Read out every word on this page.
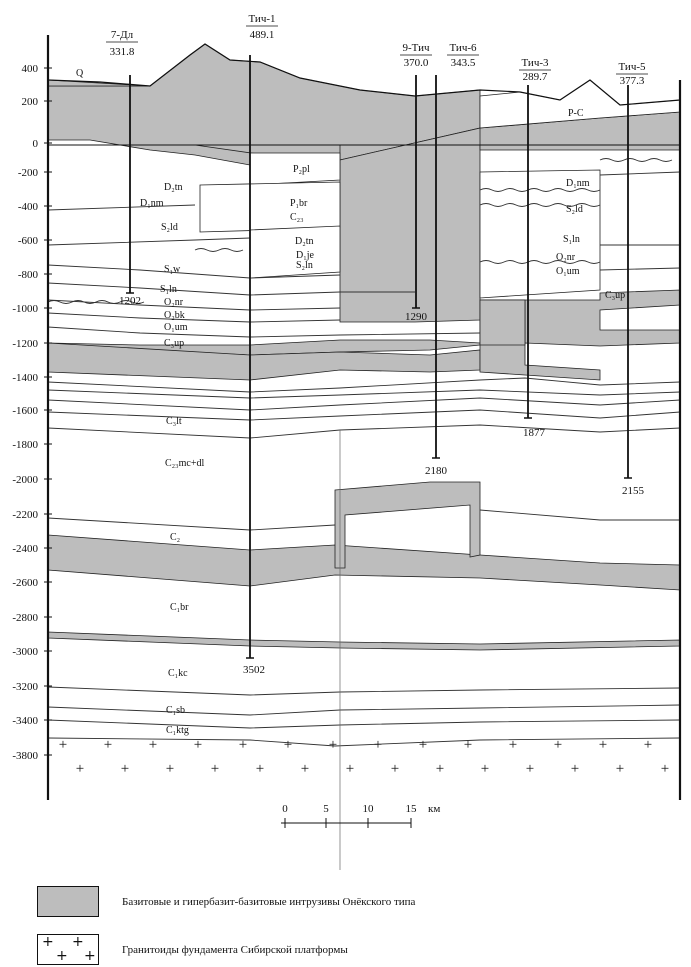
400
200
0
-200
-400
-600
-800
-1000
-1200
-1400
-1600
-1800
-2000
-2200
-2400
-2600
-2800
-3000
-3200
-3400
-3800
+ + + + + + + + + + + + + +
+ + + + + + + + + + + + + +
7-Дл
331.8
1202
Тич-1
489.1
3502
9-Тич
370.0
1290
Тич-6
343.5
2180
Тич-3
289.7
1877
Тич-5
377.3
2155
Q
P-C
P₂pl
P₁br
C₂₃
D₂tn
D₁nm
S₂ld
D₂tn
D₁je
S₂ln
S₁w
S₁ln
O₂nr
O₂bk
O₁um
C₃up
D₁nm
S₂ld
S₁ln
O₂nr
O₁um
C₃up
C₃lt
C₂₃mc+dl
C₂
C₁br
C₁kc
C₁sb
C₁ktg
0	5	10	15 км
Базитовые и гипербазит-базитовые интрузивы Онёкского типа
+ +
+ + Гранитоиды фундамента Сибирской платформы
